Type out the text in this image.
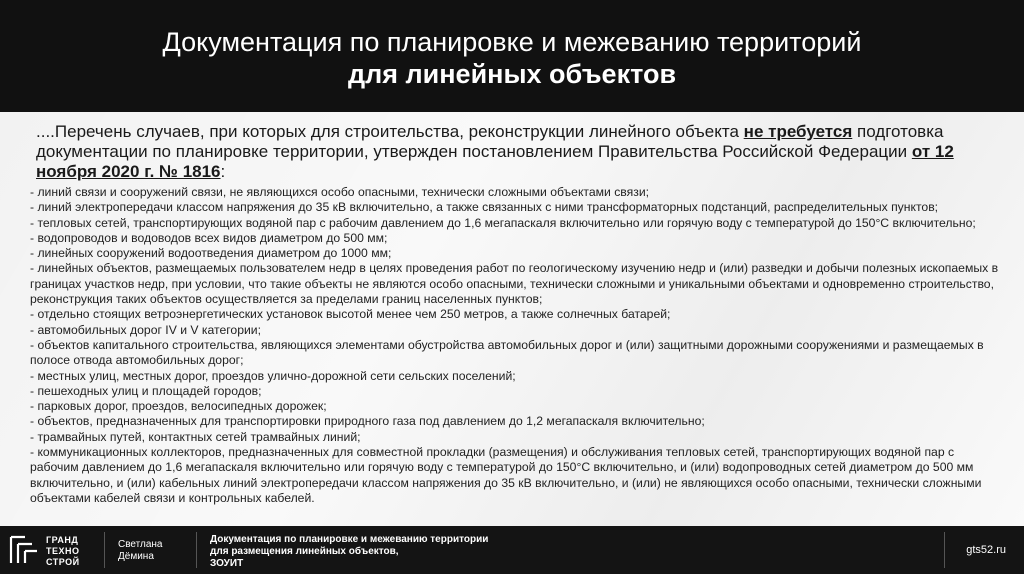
Документация по планировке и межеванию территорий
для линейных объектов
....Перечень случаев, при которых для строительства, реконструкции линейного объекта не требуется подготовка документации по планировке территории, утвержден постановлением Правительства Российской Федерации от 12 ноября 2020 г. № 1816:
- линий связи и сооружений связи, не являющихся особо опасными, технически сложными объектами связи;
- линий электропередачи классом напряжения до 35 кВ включительно, а также связанных с ними трансформаторных подстанций, распределительных пунктов;
- тепловых сетей, транспортирующих водяной пар с рабочим давлением до 1,6 мегапаскаля включительно или горячую воду с температурой до 150°С включительно;
- водопроводов и водоводов всех видов диаметром до 500 мм;
- линейных сооружений водоотведения диаметром до 1000 мм;
- линейных объектов, размещаемых пользователем недр в целях проведения работ по геологическому изучению недр и (или) разведки и добычи полезных ископаемых в границах участков недр, при условии, что такие объекты не являются особо опасными, технически сложными и уникальными объектами и одновременно строительство, реконструкция таких объектов осуществляется за пределами границ населенных пунктов;
- отдельно стоящих ветроэнергетических установок высотой менее чем 250 метров, а также солнечных батарей;
- автомобильных дорог IV и V категории;
- объектов капитального строительства, являющихся элементами обустройства автомобильных дорог и (или) защитными дорожными сооружениями и размещаемых в полосе отвода автомобильных дорог;
- местных улиц, местных дорог, проездов улично-дорожной сети сельских поселений;
- пешеходных улиц и площадей городов;
- парковых дорог, проездов, велосипедных дорожек;
- объектов, предназначенных для транспортировки природного газа под давлением до 1,2 мегапаскаля включительно;
- трамвайных путей, контактных сетей трамвайных линий;
- коммуникационных коллекторов, предназначенных для совместной прокладки (размещения) и обслуживания тепловых сетей, транспортирующих водяной пар с рабочим давлением до 1,6 мегапаскаля включительно или горячую воду с температурой до 150°С включительно, и (или) водопроводных сетей диаметром до 500 мм включительно, и (или) кабельных линий электропередачи классом напряжения до 35 кВ включительно, и (или) не являющихся особо опасными, технически сложными объектами кабелей связи и контрольных кабелей.
ГРАНД
ТЕХНО
СТРОЙ
Светлана
Дёмина
Документация по планировке и межеванию территории
для размещения линейных объектов,
ЗОУИТ
gts52.ru
